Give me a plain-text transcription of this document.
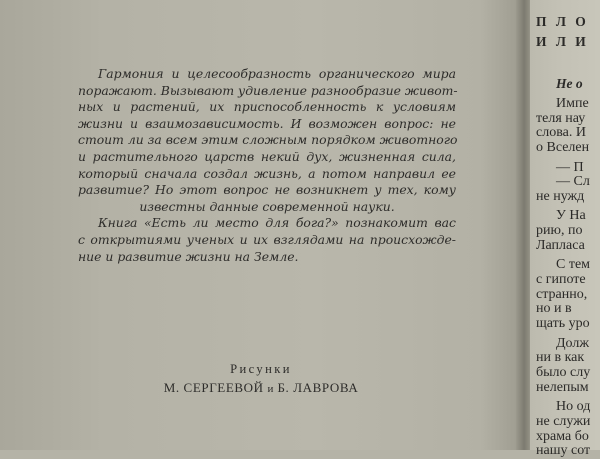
Гармония и целесообразность органического мира
поражают. Вызывают удивление разнообразие живот-
ных и растений, их приспособленность к условиям
жизни и взаимозависимость. И возможен вопрос: не
стоит ли за всем этим сложным порядком животного
и растительного царств некий дух, жизненная сила,
который сначала создал жизнь, а потом направил ее
развитие? Но этот вопрос не возникнет у тех, кому
известны данные современной науки.
Книга «Есть ли место для бога?» познакомит вас
с открытиями ученых и их взглядами на происхожде-
ние и развитие жизни на Земле.
Рисунки
М. СЕРГЕЕВОЙ и Б. ЛАВРОВА
П Л О
И Л И
Не о
Импе
теля нау
слова. И
о Вселен
— П
— Сл
не нужд
У На
рию, по
Лапласа
С тем
с гипоте
странно,
но и в
щать уро
Долж
ни в как
было слу
нелепым
Но од
не служи
храма бо
нашу сот
